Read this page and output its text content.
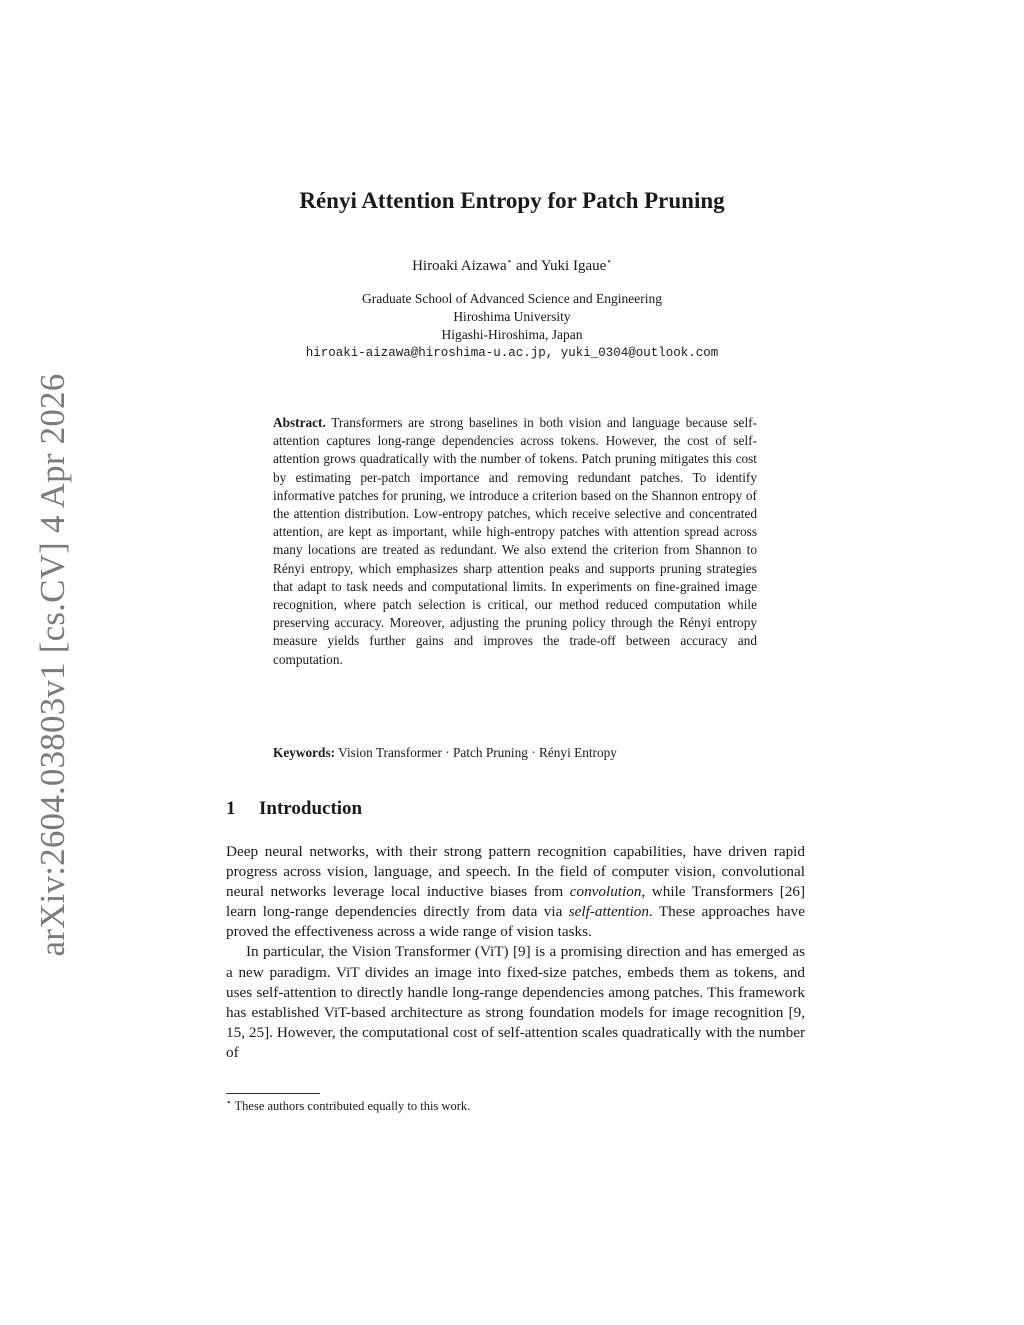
arXiv:2604.03803v1 [cs.CV] 4 Apr 2026
Rényi Attention Entropy for Patch Pruning
Hiroaki Aizawa⋆ and Yuki Igaue⋆
Graduate School of Advanced Science and Engineering
Hiroshima University
Higashi-Hiroshima, Japan
hiroaki-aizawa@hiroshima-u.ac.jp, yuki_0304@outlook.com
Abstract. Transformers are strong baselines in both vision and language because self-attention captures long-range dependencies across tokens. However, the cost of self-attention grows quadratically with the number of tokens. Patch pruning mitigates this cost by estimating per-patch importance and removing redundant patches. To identify informative patches for pruning, we introduce a criterion based on the Shannon entropy of the attention distribution. Low-entropy patches, which receive selective and concentrated attention, are kept as important, while high-entropy patches with attention spread across many locations are treated as redundant. We also extend the criterion from Shannon to Rényi entropy, which emphasizes sharp attention peaks and supports pruning strategies that adapt to task needs and computational limits. In experiments on fine-grained image recognition, where patch selection is critical, our method reduced computation while preserving accuracy. Moreover, adjusting the pruning policy through the Rényi entropy measure yields further gains and improves the trade-off between accuracy and computation.
Keywords: Vision Transformer · Patch Pruning · Rényi Entropy
1 Introduction

Deep neural networks, with their strong pattern recognition capabilities, have driven rapid progress across vision, language, and speech. In the field of computer vision, convolutional neural networks leverage local inductive biases from convolution, while Transformers [26] learn long-range dependencies directly from data via self-attention. These approaches have proved the effectiveness across a wide range of vision tasks.

In particular, the Vision Transformer (ViT) [9] is a promising direction and has emerged as a new paradigm. ViT divides an image into fixed-size patches, embeds them as tokens, and uses self-attention to directly handle long-range dependencies among patches. This framework has established ViT-based architecture as strong foundation models for image recognition [9, 15, 25]. However, the computational cost of self-attention scales quadratically with the number of

⋆ These authors contributed equally to this work.
